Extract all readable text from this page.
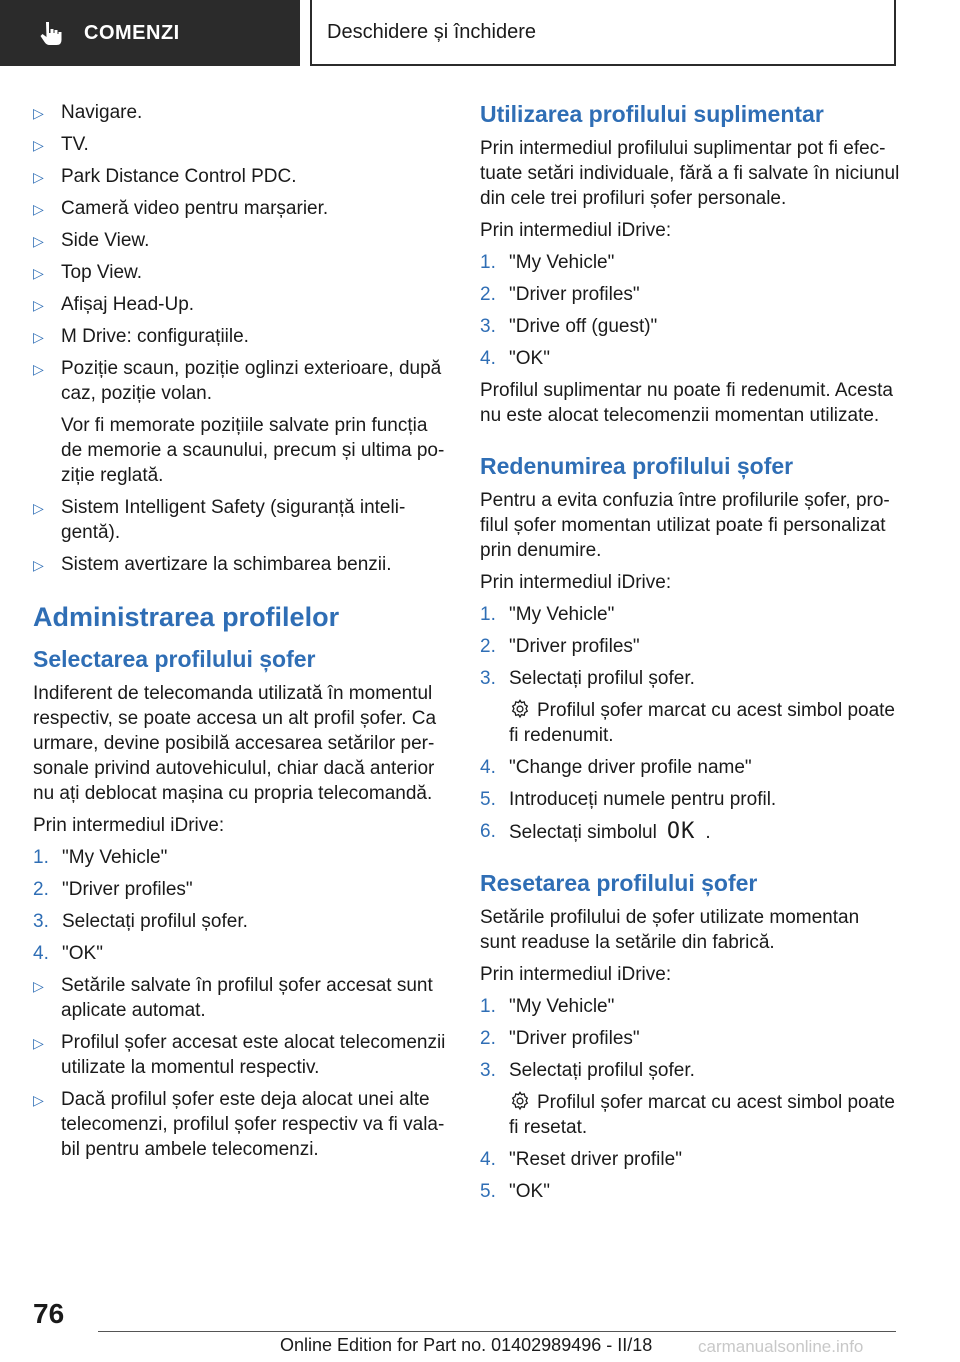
COMENZI	Deschidere și închidere
▷ Navigare.
▷ TV.
▷ Park Distance Control PDC.
▷ Cameră video pentru marșarier.
▷ Side View.
▷ Top View.
▷ Afișaj Head-Up.
▷ M Drive: configurațiile.
▷ Poziție scaun, poziție oglinzi exterioare, după caz, poziție volan.
Vor fi memorate pozițiile salvate prin funcția de memorie a scaunului, precum și ultima po-ziție reglată.
▷ Sistem Intelligent Safety (siguranță inteli-gentă).
▷ Sistem avertizare la schimbarea benzii.
Administrarea profilelor
Selectarea profilului șofer

Indiferent de telecomanda utilizată în momentul respectiv, se poate accesa un alt profil șofer. Ca urmare, devine posibilă accesarea setărilor per-sonale privind autovehiculul, chiar dacă anterior nu ați deblocat mașina cu propria telecomandă.

Prin intermediul iDrive:

1. "My Vehicle"
2. "Driver profiles"
3. Selectați profilul șofer.
4. "OK"
▷ Setările salvate în profilul șofer accesat sunt aplicate automat.
▷ Profilul șofer accesat este alocat telecomenzii utilizate la momentul respectiv.
▷ Dacă profilul șofer este deja alocat unei alte telecomenzi, profilul șofer respectiv va fi vala-bil pentru ambele telecomenzi.
Utilizarea profilului suplimentar

Prin intermediul profilului suplimentar pot fi efec-tuate setări individuale, fără a fi salvate în niciunul din cele trei profiluri șofer personale.

Prin intermediul iDrive:

1. "My Vehicle"
2. "Driver profiles"
3. "Drive off (guest)"
4. "OK"

Profilul suplimentar nu poate fi redenumit. Acesta nu este alocat telecomenzii momentan utilizate.

Redenumirea profilului șofer

Pentru a evita confuzia între profilurile șofer, pro-filul șofer momentan utilizat poate fi personalizat prin denumire.

Prin intermediul iDrive:

1. "My Vehicle"
2. "Driver profiles"
3. Selectați profilul șofer.
Profilul șofer marcat cu acest simbol poate fi redenumit.
4. "Change driver profile name"
5. Introduceți numele pentru profil.
6. Selectați simbolul OK .
Resetarea profilului șofer

Setările profilului de șofer utilizate momentan sunt readuse la setările din fabrică.

Prin intermediul iDrive:

1. "My Vehicle"
2. "Driver profiles"
3. Selectați profilul șofer.
Profilul șofer marcat cu acest simbol poate fi resetat.
4. "Reset driver profile"
5. "OK"
76
Online Edition for Part no. 01402989496 - II/18	carmanualsonline.info
